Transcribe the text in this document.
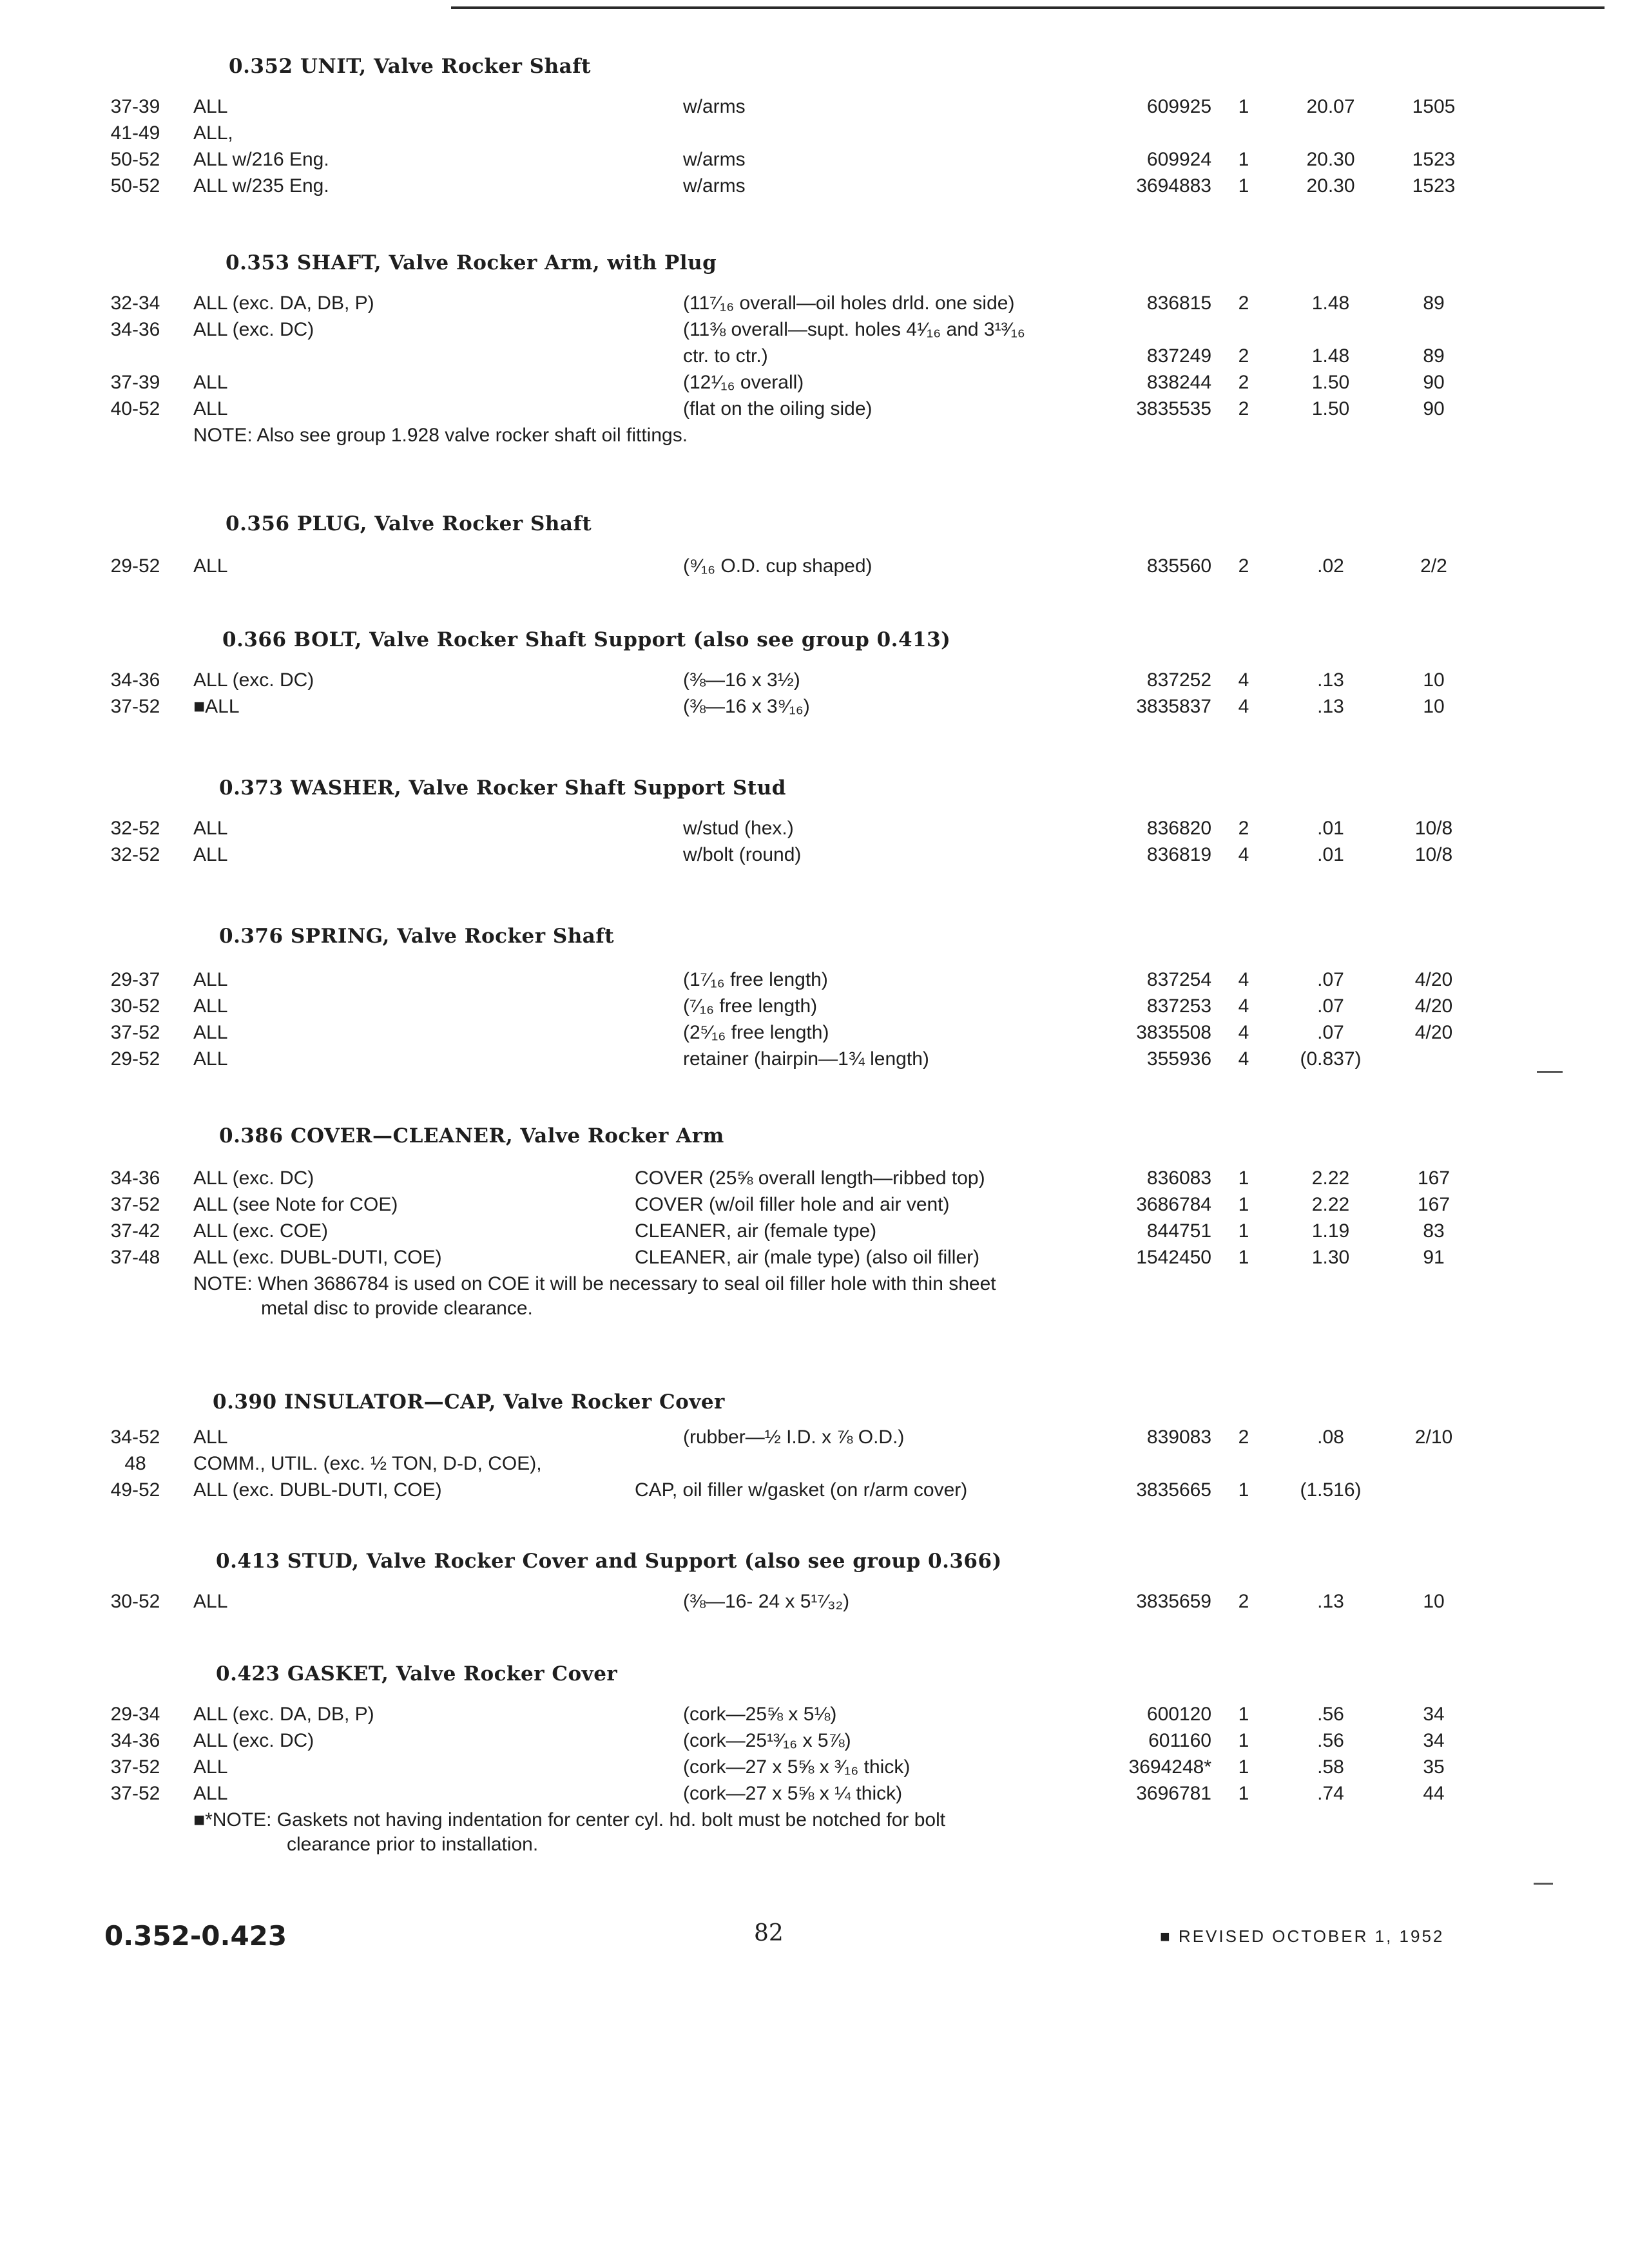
0.352 UNIT, Valve Rocker Shaft
37-39	ALL	w/arms	609925	1	20.07	1505
41-49	ALL,
50-52	ALL w/216 Eng.	w/arms	609924	1	20.30	1523
50-52	ALL w/235 Eng.	w/arms	3694883	1	20.30	1523
0.353 SHAFT, Valve Rocker Arm, with Plug
32-34	ALL (exc. DA, DB, P)	(11⁷⁄₁₆ overall—oil holes drld. one side)	836815	2	1.48	89
34-36	ALL (exc. DC)	(11⅜ overall—supt. holes 4¹⁄₁₆ and 3¹³⁄₁₆
ctr. to ctr.)	837249	2	1.48	89
37-39	ALL	(12¹⁄₁₆ overall)	838244	2	1.50	90
40-52	ALL	(flat on the oiling side)	3835535	2	1.50	90
NOTE: Also see group 1.928 valve rocker shaft oil fittings.
0.356 PLUG, Valve Rocker Shaft
29-52	ALL	(⁹⁄₁₆ O.D. cup shaped)	835560	2	.02	2/2
0.366 BOLT, Valve Rocker Shaft Support (also see group 0.413)
34-36	ALL (exc. DC)	(⅜—16 x 3½)	837252	4	.13	10
37-52	■ALL	(⅜—16 x 3⁹⁄₁₆)	3835837	4	.13	10
0.373 WASHER, Valve Rocker Shaft Support Stud
32-52	ALL	w/stud (hex.)	836820	2	.01	10/8
32-52	ALL	w/bolt (round)	836819	4	.01	10/8
0.376 SPRING, Valve Rocker Shaft
29-37	ALL	(1⁷⁄₁₆ free length)	837254	4	.07	4/20
30-52	ALL	(⁷⁄₁₆ free length)	837253	4	.07	4/20
37-52	ALL	(2⁵⁄₁₆ free length)	3835508	4	.07	4/20
29-52	ALL	retainer (hairpin—1¾ length)	355936	4	(0.837)
0.386 COVER—CLEANER, Valve Rocker Arm
34-36	ALL (exc. DC)	COVER (25⅝ overall length—ribbed top)	836083	1	2.22	167
37-52	ALL (see Note for COE)	COVER (w/oil filler hole and air vent)	3686784	1	2.22	167
37-42	ALL (exc. COE)	CLEANER, air (female type)	844751	1	1.19	83
37-48	ALL (exc. DUBL-DUTI, COE)	CLEANER, air (male type) (also oil filler)	1542450	1	1.30	91
NOTE: When 3686784 is used on COE it will be necessary to seal oil filler hole with thin sheet
metal disc to provide clearance.
0.390 INSULATOR—CAP, Valve Rocker Cover
34-52	ALL	(rubber—½ I.D. x ⅞ O.D.)	839083	2	.08	2/10
48	COMM., UTIL. (exc. ½ TON, D-D, COE),
49-52	ALL (exc. DUBL-DUTI, COE)	CAP, oil filler w/gasket (on r/arm cover)	3835665	1	(1.516)
0.413 STUD, Valve Rocker Cover and Support (also see group 0.366)
30-52	ALL	(⅜—16- 24 x 5¹⁷⁄₃₂)	3835659	2	.13	10
0.423 GASKET, Valve Rocker Cover
29-34	ALL (exc. DA, DB, P)	(cork—25⅝ x 5⅛)	600120	1	.56	34
34-36	ALL (exc. DC)	(cork—25¹³⁄₁₆ x 5⅞)	601160	1	.56	34
37-52	ALL	(cork—27 x 5⅝ x ³⁄₁₆ thick)	3694248*	1	.58	35
37-52	ALL	(cork—27 x 5⅝ x ¼ thick)	3696781	1	.74	44
■*NOTE: Gaskets not having indentation for center cyl. hd. bolt must be notched for bolt
clearance prior to installation.
0.352-0.423	82	■ REVISED OCTOBER 1, 1952
